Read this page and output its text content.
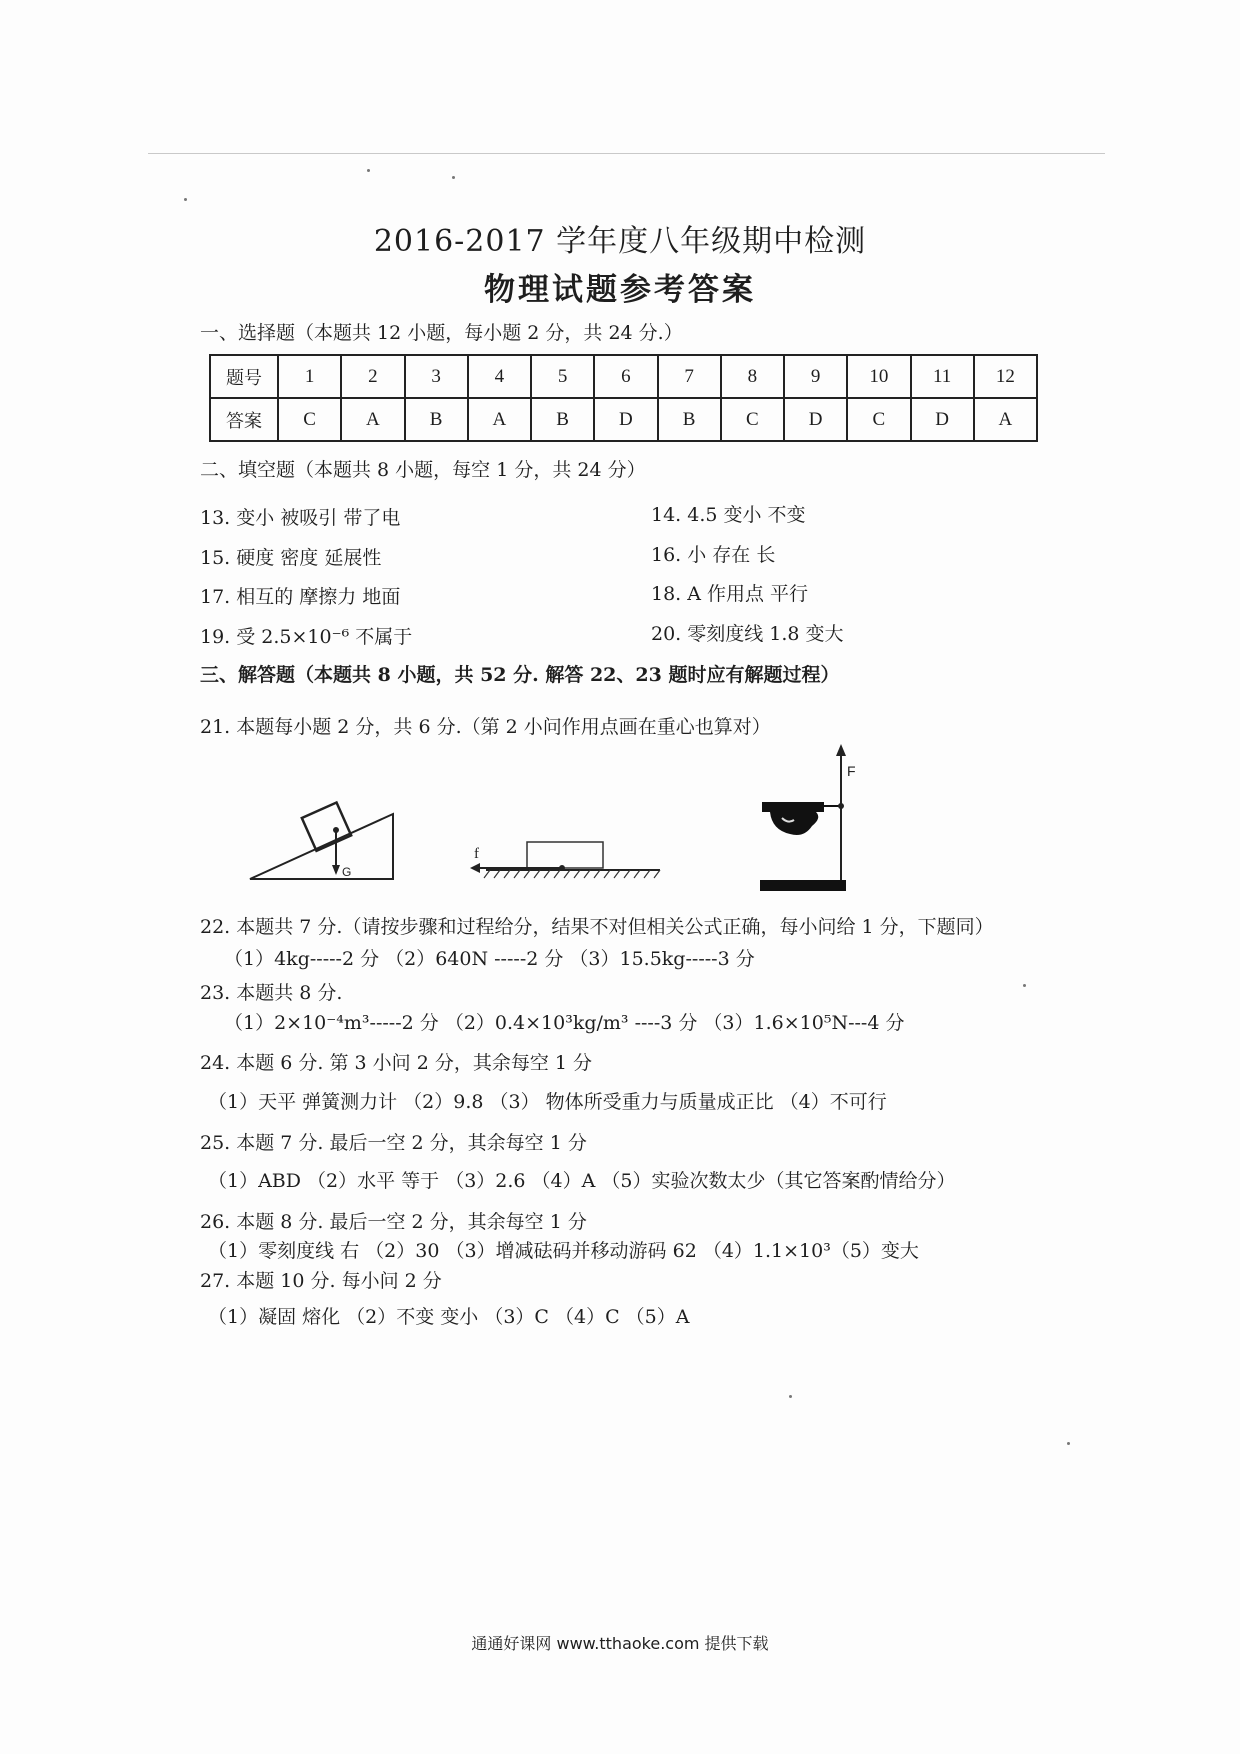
2016-2017 学年度八年级期中检测
物理试题参考答案
一、选择题（本题共 12 小题，每小题 2 分，共 24 分.）
题号	1	2	3	4	5	6	7	8	9	10	11	12
答案	C	A	B	A	B	D	B	C	D	C	D	A
二、填空题（本题共 8 小题，每空 1 分，共 24 分）
13. 变小 被吸引 带了电	14. 4.5 变小 不变
15. 硬度 密度 延展性	16. 小 存在 长
17. 相互的 摩擦力 地面	18. A 作用点 平行
19. 受 2.5×10⁻⁶ 不属于	20. 零刻度线 1.8 变大
三、解答题（本题共 8 小题，共 52 分. 解答 22、23 题时应有解题过程）
21. 本题每小题 2 分，共 6 分.（第 2 小问作用点画在重心也算对）
G
f
F
22. 本题共 7 分.（请按步骤和过程给分，结果不对但相关公式正确，每小问给 1 分，下题同）
（1）4kg-----2 分 （2）640N -----2 分 （3）15.5kg-----3 分
23. 本题共 8 分.
（1）2×10⁻⁴m³-----2 分 （2）0.4×10³kg/m³ ----3 分 （3）1.6×10⁵N---4 分
24. 本题 6 分. 第 3 小问 2 分，其余每空 1 分
（1）天平 弹簧测力计 （2）9.8 （3） 物体所受重力与质量成正比 （4）不可行
25. 本题 7 分. 最后一空 2 分，其余每空 1 分
（1）ABD （2）水平 等于 （3）2.6 （4）A （5）实验次数太少（其它答案酌情给分）
26. 本题 8 分. 最后一空 2 分，其余每空 1 分
（1）零刻度线 右 （2）30 （3）增减砝码并移动游码 62 （4）1.1×10³（5）变大
27. 本题 10 分. 每小问 2 分
（1）凝固 熔化 （2）不变 变小 （3）C （4）C （5）A
通通好课网 www.tthaoke.com 提供下载
